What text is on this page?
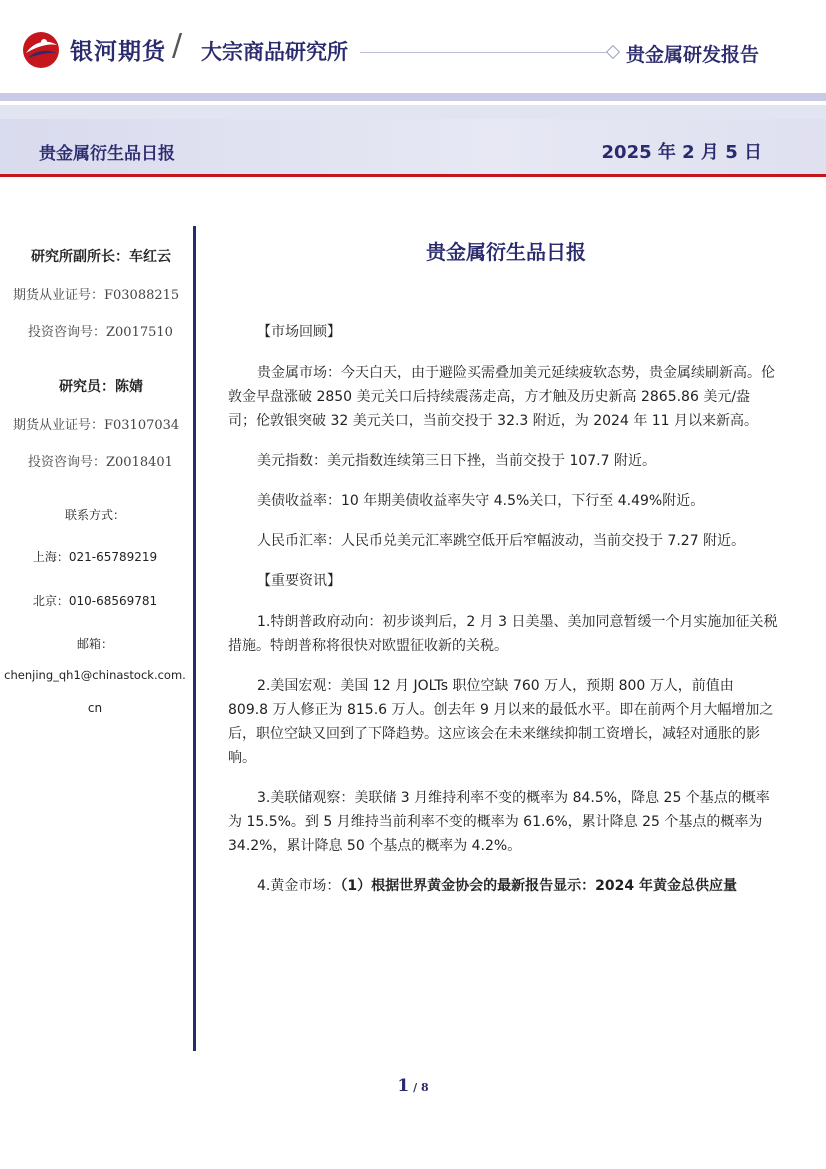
银河期货 / 大宗商品研究所	贵金属研发报告
贵金属衍生品日报	2025 年 2 月 5 日
研究所副所长：车红云
期货从业证号：F03088215
投资咨询号：Z0017510
研究员：陈婧
期货从业证号：F03107034
投资咨询号：Z0018401
联系方式：
上海：021-65789219
北京：010-68569781
邮箱：
chenjing_qh1@chinastock.com.
cn
贵金属衍生品日报
【市场回顾】

贵金属市场：今天白天，由于避险买需叠加美元延续疲软态势，贵金属续刷新高。伦敦金早盘涨破 2850 美元关口后持续震荡走高，方才触及历史新高 2865.86 美元/盎司；伦敦银突破 32 美元关口，当前交投于 32.3 附近，为 2024 年 11 月以来新高。

美元指数：美元指数连续第三日下挫，当前交投于 107.7 附近。

美债收益率：10 年期美债收益率失守 4.5%关口，下行至 4.49%附近。

人民币汇率：人民币兑美元汇率跳空低开后窄幅波动，当前交投于 7.27 附近。

【重要资讯】

1.特朗普政府动向：初步谈判后，2 月 3 日美墨、美加同意暂缓一个月实施加征关税措施。特朗普称将很快对欧盟征收新的关税。

2.美国宏观：美国 12 月 JOLTs 职位空缺 760 万人，预期 800 万人，前值由 809.8 万人修正为 815.6 万人。创去年 9 月以来的最低水平。即在前两个月大幅增加之后，职位空缺又回到了下降趋势。这应该会在未来继续抑制工资增长，减轻对通胀的影响。

3.美联储观察：美联储 3 月维持利率不变的概率为 84.5%，降息 25 个基点的概率为 15.5%。到 5 月维持当前利率不变的概率为 61.6%，累计降息 25 个基点的概率为 34.2%，累计降息 50 个基点的概率为 4.2%。

4.黄金市场：（1）根据世界黄金协会的最新报告显示：2024 年黄金总供应量

1 / 8
